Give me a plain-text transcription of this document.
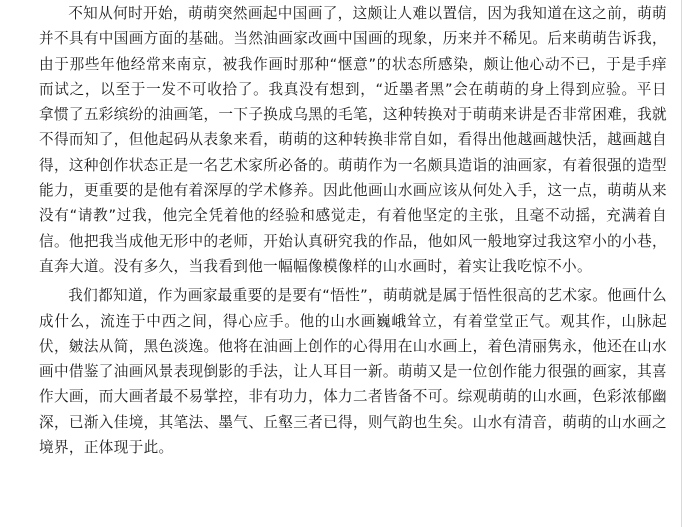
不知从何时开始，萌萌突然画起中国画了，这颇让人难以置信，因为我知道在这之前，萌萌并不具有中国画方面的基础。当然油画家改画中国画的现象，历来并不稀见。后来萌萌告诉我，由于那些年他经常来南京，被我作画时那种“惬意”的状态所感染，颇让他心动不已，于是手痒而试之，以至于一发不可收拾了。我真没有想到，“近墨者黑”会在萌萌的身上得到应验。平日拿惯了五彩缤纷的油画笔，一下子换成乌黑的毛笔，这种转换对于萌萌来讲是否非常困难，我就不得而知了，但他起码从表象来看，萌萌的这种转换非常自如，看得出他越画越快活，越画越自得，这种创作状态正是一名艺术家所必备的。萌萌作为一名颇具造诣的油画家，有着很强的造型能力，更重要的是他有着深厚的学术修养。因此他画山水画应该从何处入手，这一点，萌萌从来没有“请教”过我，他完全凭着他的经验和感觉走，有着他坚定的主张，且毫不动摇，充满着自信。他把我当成他无形中的老师，开始认真研究我的作品，他如风一般地穿过我这窄小的小巷，直奔大道。没有多久，当我看到他一幅幅像模像样的山水画时，着实让我吃惊不小。

我们都知道，作为画家最重要的是要有“悟性”，萌萌就是属于悟性很高的艺术家。他画什么成什么，流连于中西之间，得心应手。他的山水画巍峨耸立，有着堂堂正气。观其作，山脉起伏，皴法从简，黑色淡逸。他将在油画上创作的心得用在山水画上，着色清丽隽永，他还在山水画中借鉴了油画风景表现倒影的手法，让人耳目一新。萌萌又是一位创作能力很强的画家，其喜作大画，而大画者最不易掌控，非有功力，体力二者皆备不可。综观萌萌的山水画，色彩浓郁幽深，已渐入佳境，其笔法、墨气、丘壑三者已得，则气韵也生矣。山水有清音，萌萌的山水画之境界，正体现于此。
